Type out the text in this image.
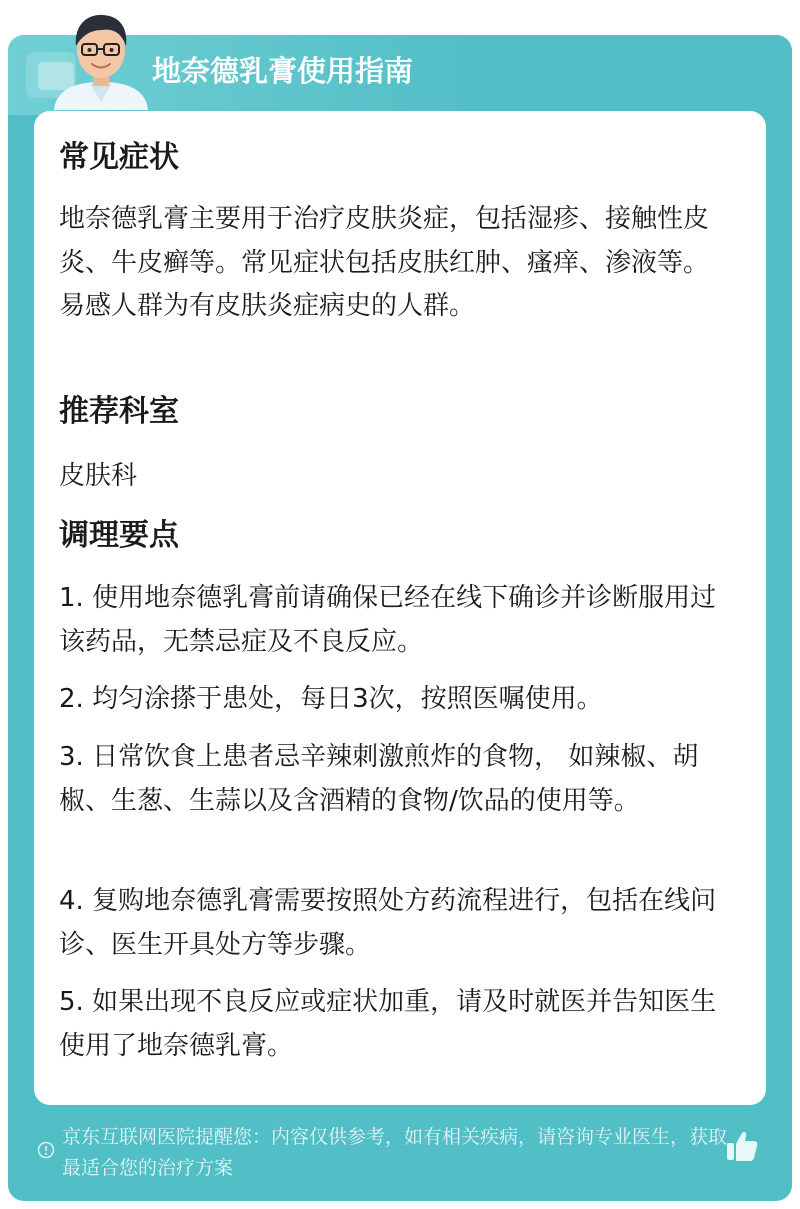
地奈德乳膏使用指南
常见症状

地奈德乳膏主要用于治疗皮肤炎症，包括湿疹、接触性皮炎、牛皮癣等。常见症状包括皮肤红肿、瘙痒、渗液等。易感人群为有皮肤炎症病史的人群。

推荐科室

皮肤科

调理要点

1. 使用地奈德乳膏前请确保已经在线下确诊并诊断服用过该药品，无禁忌症及不良反应。

2. 均匀涂搽于患处，每日3次，按照医嘱使用。

3. 日常饮食上患者忌辛辣刺激煎炸的食物， 如辣椒、胡椒、生葱、生蒜以及含酒精的食物/饮品的使用等。

4. 复购地奈德乳膏需要按照处方药流程进行，包括在线问诊、医生开具处方等步骤。

5. 如果出现不良反应或症状加重，请及时就医并告知医生使用了地奈德乳膏。

京东互联网医院提醒您：内容仅供参考，如有相关疾病，请咨询专业医生，获取最适合您的治疗方案
